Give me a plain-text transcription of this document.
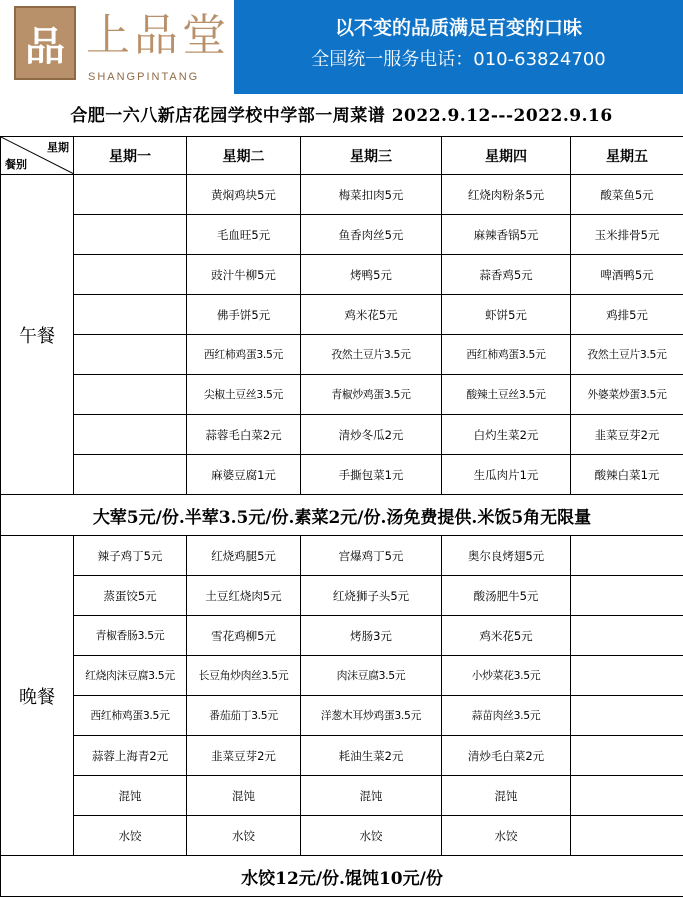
品 上品堂
SHANGPINTANG
以不变的品质满足百变的口味
全国统一服务电话：010-63824700
合肥一六八新店花园学校中学部一周菜谱 2022.9.12---2022.9.16
星期
餐别	星期一	星期二	星期三	星期四	星期五
午餐		黄焖鸡块5元	梅菜扣肉5元	红烧肉粉条5元	酸菜鱼5元
		毛血旺5元	鱼香肉丝5元	麻辣香锅5元	玉米排骨5元
		豉汁牛柳5元	烤鸭5元	蒜香鸡5元	啤酒鸭5元
		佛手饼5元	鸡米花5元	虾饼5元	鸡排5元
		西红柿鸡蛋3.5元	孜然土豆片3.5元	西红柿鸡蛋3.5元	孜然土豆片3.5元
		尖椒土豆丝3.5元	青椒炒鸡蛋3.5元	酸辣土豆丝3.5元	外婆菜炒蛋3.5元
		蒜蓉毛白菜2元	清炒冬瓜2元	白灼生菜2元	韭菜豆芽2元
		麻婆豆腐1元	手撕包菜1元	生瓜肉片1元	酸辣白菜1元
大荤5元/份.半荤3.5元/份.素菜2元/份.汤免费提供.米饭5角无限量					
晚餐	辣子鸡丁5元	红烧鸡腿5元	宫爆鸡丁5元	奥尔良烤翅5元	
	蒸蛋饺5元	土豆红烧肉5元	红烧狮子头5元	酸汤肥牛5元	
	青椒香肠3.5元	雪花鸡柳5元	烤肠3元	鸡米花5元	
	红烧肉沫豆腐3.5元	长豆角炒肉丝3.5元	肉沫豆腐3.5元	小炒菜花3.5元	
	西红柿鸡蛋3.5元	番茄茄丁3.5元	洋葱木耳炒鸡蛋3.5元	蒜苗肉丝3.5元	
	蒜蓉上海青2元	韭菜豆芽2元	耗油生菜2元	清炒毛白菜2元	
	混饨	混饨	混饨	混饨	
	水饺	水饺	水饺	水饺	
水饺12元/份.馄饨10元/份					
